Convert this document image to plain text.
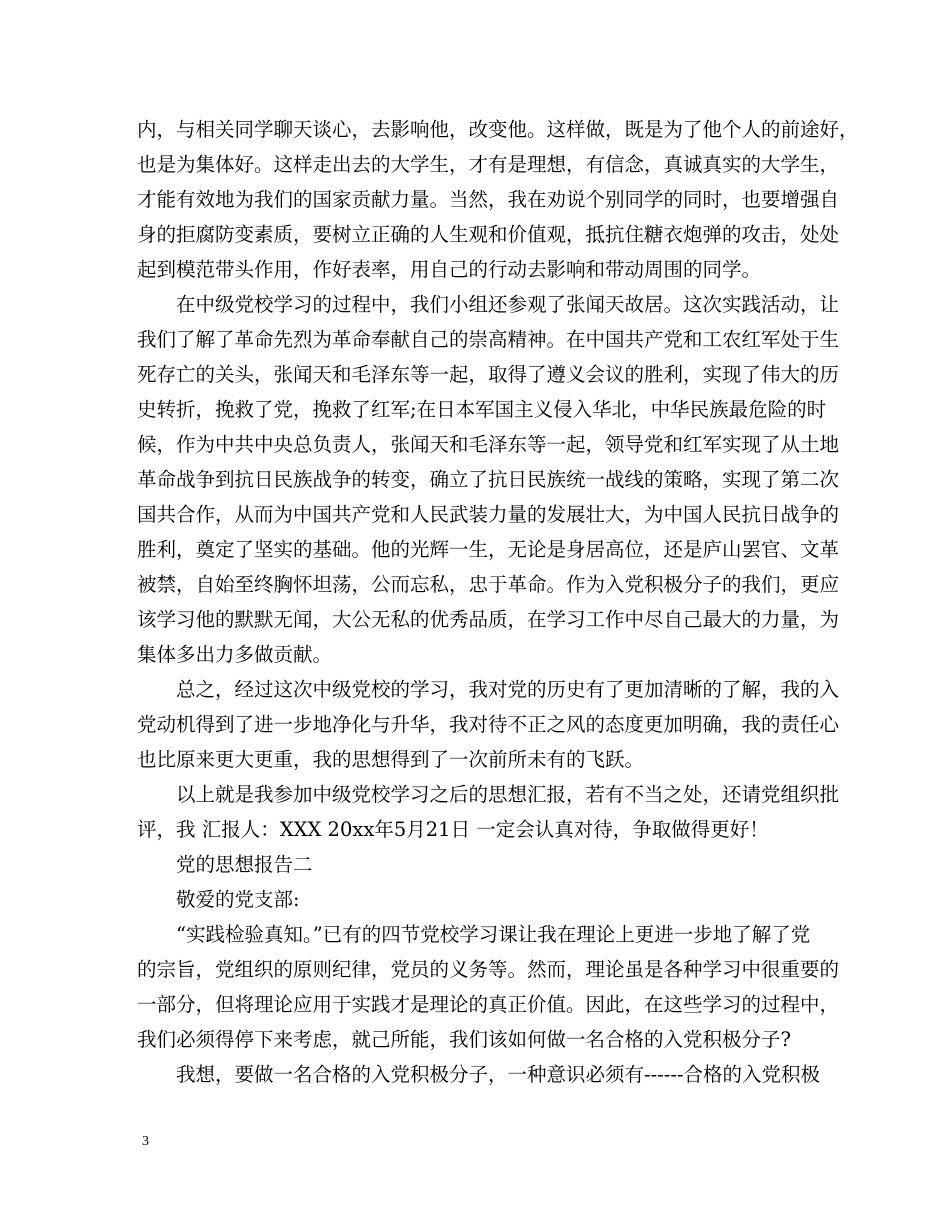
内，与相关同学聊天谈心，去影响他，改变他。这样做，既是为了他个人的前途好，
也是为集体好。这样走出去的大学生，才有是理想，有信念，真诚真实的大学生，
才能有效地为我们的国家贡献力量。当然，我在劝说个别同学的同时，也要增强自
身的拒腐防变素质，要树立正确的人生观和价值观，抵抗住糖衣炮弹的攻击，处处
起到模范带头作用，作好表率，用自己的行动去影响和带动周围的同学。
在中级党校学习的过程中，我们小组还参观了张闻天故居。这次实践活动，让
我们了解了革命先烈为革命奉献自己的崇高精神。在中国共产党和工农红军处于生
死存亡的关头，张闻天和毛泽东等一起，取得了遵义会议的胜利，实现了伟大的历
史转折，挽救了党，挽救了红军;在日本军国主义侵入华北，中华民族最危险的时
候，作为中共中央总负责人，张闻天和毛泽东等一起，领导党和红军实现了从土地
革命战争到抗日民族战争的转变，确立了抗日民族统一战线的策略，实现了第二次
国共合作，从而为中国共产党和人民武装力量的发展壮大，为中国人民抗日战争的
胜利，奠定了坚实的基础。他的光辉一生，无论是身居高位，还是庐山罢官、文革
被禁，自始至终胸怀坦荡，公而忘私，忠于革命。作为入党积极分子的我们，更应
该学习他的默默无闻，大公无私的优秀品质，在学习工作中尽自己最大的力量，为
集体多出力多做贡献。
总之，经过这次中级党校的学习，我对党的历史有了更加清晰的了解，我的入
党动机得到了进一步地净化与升华，我对待不正之风的态度更加明确，我的责任心
也比原来更大更重，我的思想得到了一次前所未有的飞跃。
以上就是我参加中级党校学习之后的思想汇报，若有不当之处，还请党组织批
评，我 汇报人：XXX 20xx年5月21日 一定会认真对待，争取做得更好！
党的思想报告二
敬爱的党支部:
“实践检验真知。”已有的四节党校学习课让我在理论上更进一步地了解了党
的宗旨，党组织的原则纪律，党员的义务等。然而，理论虽是各种学习中很重要的
一部分，但将理论应用于实践才是理论的真正价值。因此，在这些学习的过程中，
我们必须得停下来考虑，就己所能，我们该如何做一名合格的入党积极分子?
我想，要做一名合格的入党积极分子，一种意识必须有------合格的入党积极
3
